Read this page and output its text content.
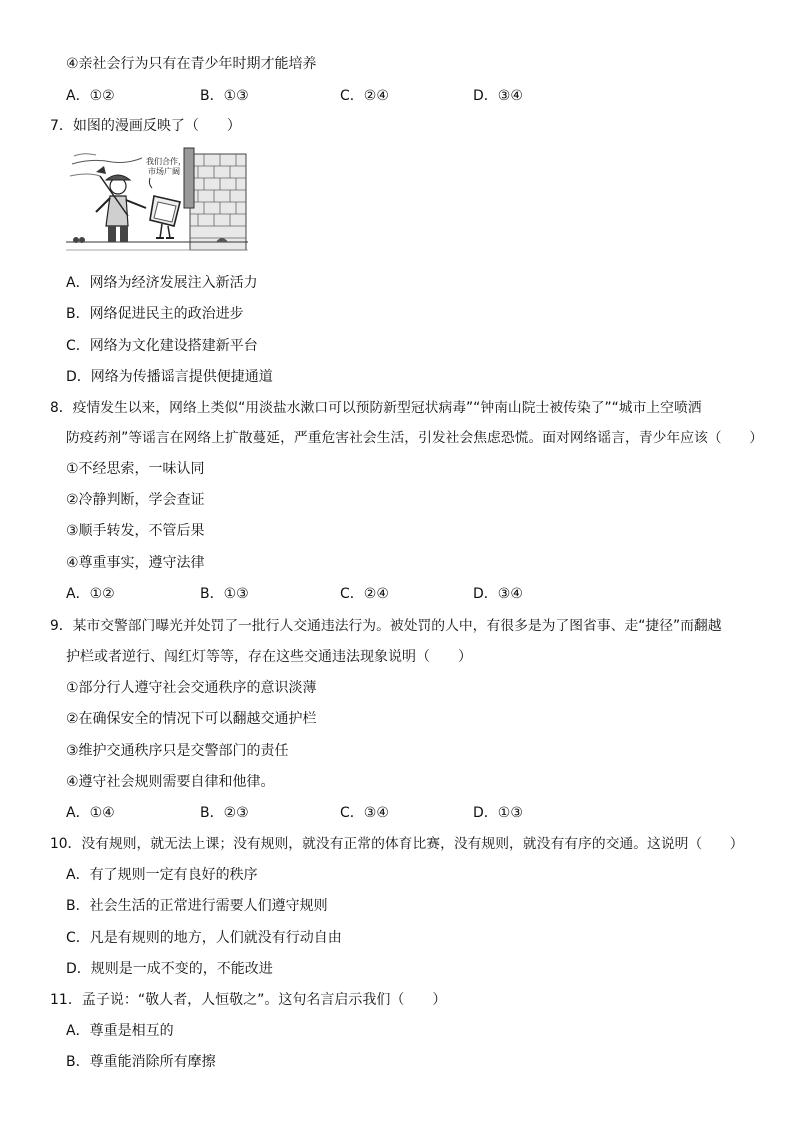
④亲社会行为只有在青少年时期才能培养
A．①②	B．①③	C．②④	D．③④
7．如图的漫画反映了（　　）
我们合作，
市场广阔
A．网络为经济发展注入新活力
B．网络促进民主的政治进步
C．网络为文化建设搭建新平台
D．网络为传播谣言提供便捷通道
8．疫情发生以来，网络上类似“用淡盐水漱口可以预防新型冠状病毒”“钟南山院士被传染了”“城市上空喷洒
防疫药剂”等谣言在网络上扩散蔓延，严重危害社会生活，引发社会焦虑恐慌。面对网络谣言，青少年应该（　　）
①不经思索，一味认同
②冷静判断，学会查证
③顺手转发，不管后果
④尊重事实，遵守法律
A．①②	B．①③	C．②④	D．③④
9．某市交警部门曝光并处罚了一批行人交通违法行为。被处罚的人中，有很多是为了图省事、走“捷径”而翻越
护栏或者逆行、闯红灯等等，存在这些交通违法现象说明（　　）
①部分行人遵守社会交通秩序的意识淡薄
②在确保安全的情况下可以翻越交通护栏
③维护交通秩序只是交警部门的责任
④遵守社会规则需要自律和他律。
A．①④	B．②③	C．③④	D．①③
10．没有规则，就无法上课；没有规则，就没有正常的体育比赛，没有规则，就没有有序的交通。这说明（　　）
A．有了规则一定有良好的秩序
B．社会生活的正常进行需要人们遵守规则
C．凡是有规则的地方，人们就没有行动自由
D．规则是一成不变的，不能改进
11．孟子说：“敬人者，人恒敬之”。这句名言启示我们（　　）
A．尊重是相互的
B．尊重能消除所有摩擦
